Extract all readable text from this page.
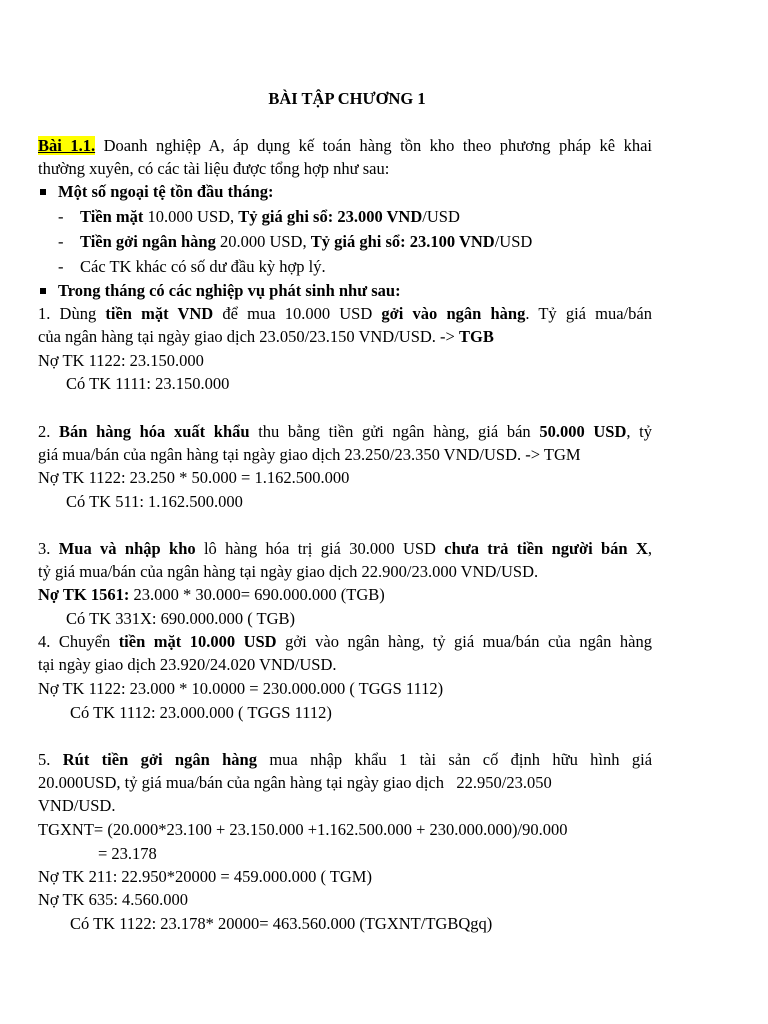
BÀI TẬP CHƯƠNG 1
Bài 1.1. Doanh nghiệp A, áp dụng kế toán hàng tồn kho theo phương pháp kê khai
thường xuyên, có các tài liệu được tổng hợp như sau:
Một số ngoại tệ tồn đầu tháng:
- Tiền mặt 10.000 USD, Tỷ giá ghi sổ: 23.000 VND/USD
- Tiền gởi ngân hàng 20.000 USD, Tỷ giá ghi sổ: 23.100 VND/USD
- Các TK khác có số dư đầu kỳ hợp lý.
Trong tháng có các nghiệp vụ phát sinh như sau:
1. Dùng tiền mặt VND để mua 10.000 USD gởi vào ngân hàng. Tỷ giá mua/bán
của ngân hàng tại ngày giao dịch 23.050/23.150 VND/USD. -> TGB
Nợ TK 1122: 23.150.000
Có TK 1111: 23.150.000
2. Bán hàng hóa xuất khẩu thu bằng tiền gửi ngân hàng, giá bán 50.000 USD, tỷ
giá mua/bán của ngân hàng tại ngày giao dịch 23.250/23.350 VND/USD. -> TGM
Nợ TK 1122: 23.250 * 50.000 = 1.162.500.000
Có TK 511: 1.162.500.000
3. Mua và nhập kho lô hàng hóa trị giá 30.000 USD chưa trả tiền người bán X,
tỷ giá mua/bán của ngân hàng tại ngày giao dịch 22.900/23.000 VND/USD.
Nợ TK 1561: 23.000 * 30.000= 690.000.000 (TGB)
Có TK 331X: 690.000.000 ( TGB)
4. Chuyển tiền mặt 10.000 USD gởi vào ngân hàng, tỷ giá mua/bán của ngân hàng
tại ngày giao dịch 23.920/24.020 VND/USD.
Nợ TK 1122: 23.000 * 10.0000 = 230.000.000 ( TGGS 1112)
Có TK 1112: 23.000.000 ( TGGS 1112)
5. Rút tiền gởi ngân hàng mua nhập khẩu 1 tài sản cố định hữu hình giá
20.000USD, tỷ giá mua/bán của ngân hàng tại ngày giao dịch   22.950/23.050
VND/USD.
TGXNT= (20.000*23.100 + 23.150.000 +1.162.500.000 + 230.000.000)/90.000
= 23.178
Nợ TK 211: 22.950*20000 = 459.000.000 ( TGM)
Nợ TK 635: 4.560.000
Có TK 1122: 23.178* 20000= 463.560.000 (TGXNT/TGBQgq)
